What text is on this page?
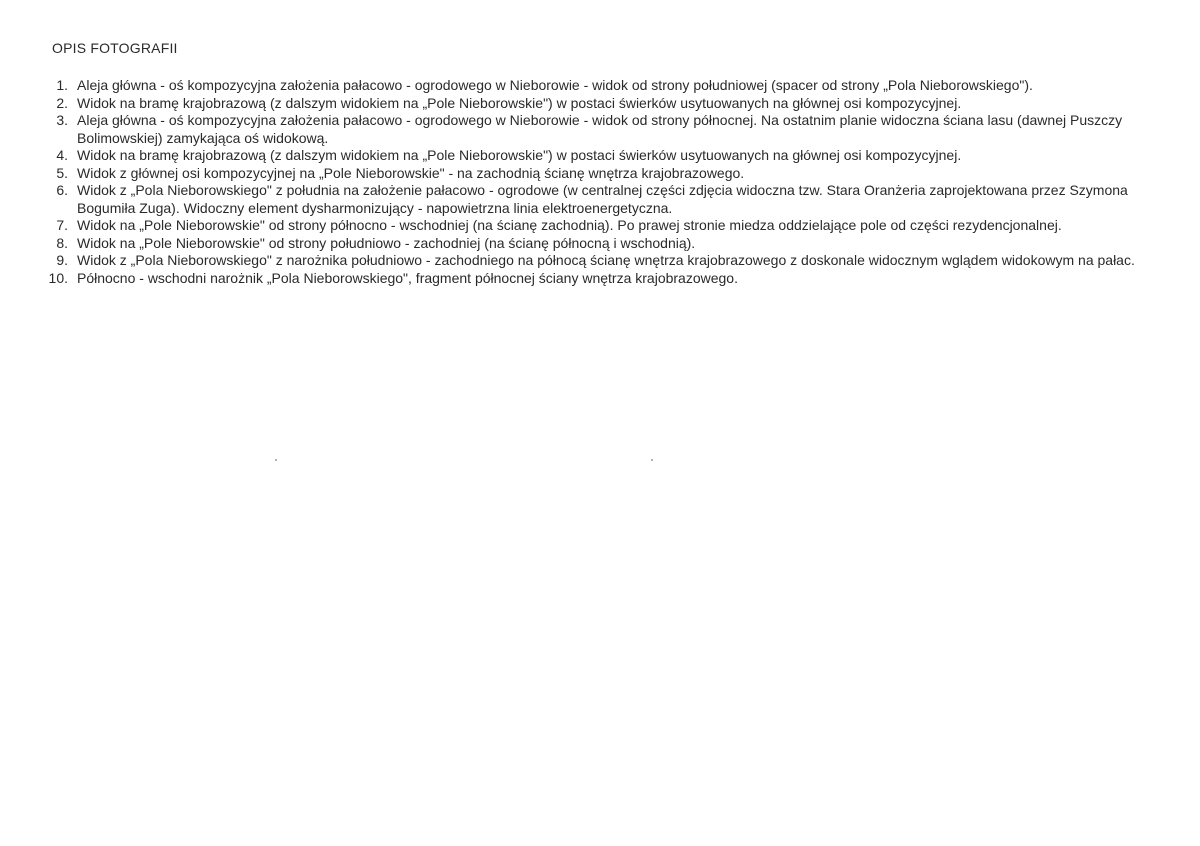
OPIS FOTOGRAFII
1. Aleja główna - oś kompozycyjna założenia pałacowo - ogrodowego w Nieborowie - widok od strony południowej (spacer od strony „Pola Nieborowskiego").
2. Widok na bramę krajobrazową (z dalszym widokiem na „Pole Nieborowskie") w postaci świerków usytuowanych na głównej osi kompozycyjnej.
3. Aleja główna - oś kompozycyjna założenia pałacowo - ogrodowego w Nieborowie - widok od strony północnej. Na ostatnim planie widoczna ściana lasu (dawnej Puszczy Bolimowskiej) zamykająca oś widokową.
4. Widok na bramę krajobrazową (z dalszym widokiem na „Pole Nieborowskie") w postaci świerków usytuowanych na głównej osi kompozycyjnej.
5. Widok z głównej osi kompozycyjnej na „Pole Nieborowskie" - na zachodnią ścianę wnętrza krajobrazowego.
6. Widok z „Pola Nieborowskiego" z południa na założenie pałacowo - ogrodowe (w centralnej części zdjęcia widoczna tzw. Stara Oranżeria zaprojektowana przez Szymona Bogumiła Zuga). Widoczny element dysharmonizujący - napowietrzna linia elektroenergetyczna.
7. Widok na „Pole Nieborowskie" od strony północno - wschodniej (na ścianę zachodnią). Po prawej stronie miedza oddzielające pole od części rezydencjonalnej.
8. Widok na „Pole Nieborowskie" od strony południowo - zachodniej (na ścianę północną i wschodnią).
9. Widok z „Pola Nieborowskiego" z narożnika południowo - zachodniego na północą ścianę wnętrza krajobrazowego z doskonale widocznym wglądem widokowym na pałac.
10. Północno - wschodni narożnik „Pola Nieborowskiego", fragment północnej ściany wnętrza krajobrazowego.
